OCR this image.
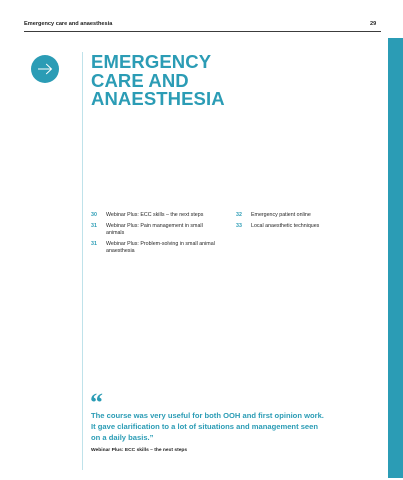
Emergency care and anaesthesia	29
EMERGENCY
CARE AND
ANAESTHESIA
30	Webinar Plus: ECC skills – the next steps
31	Webinar Plus: Pain management in small animals
31	Webinar Plus: Problem-solving in small animal anaesthesia
32	Emergency patient online
33	Local anaesthetic techniques
“

The course was very useful for both OOH and first opinion work.
It gave clarification to a lot of situations and management seen
on a daily basis.”

Webinar Plus: ECC skills – the next steps
